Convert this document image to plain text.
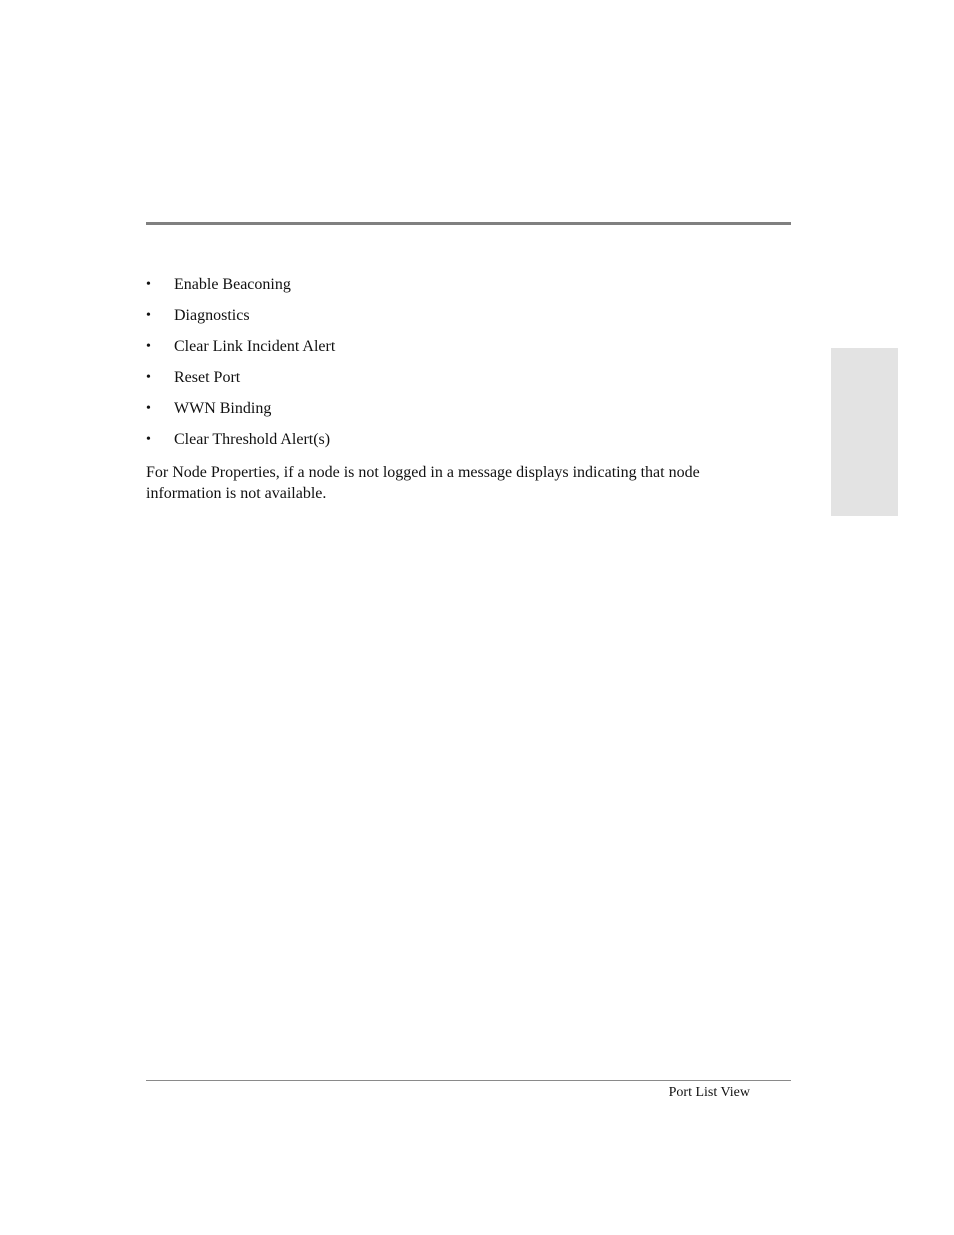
•	Enable Beaconing
•	Diagnostics
•	Clear Link Incident Alert
•	Reset Port
•	WWN Binding
•	Clear Threshold Alert(s)

For Node Properties, if a node is not logged in a message displays indicating that node information is not available.

Port List View
